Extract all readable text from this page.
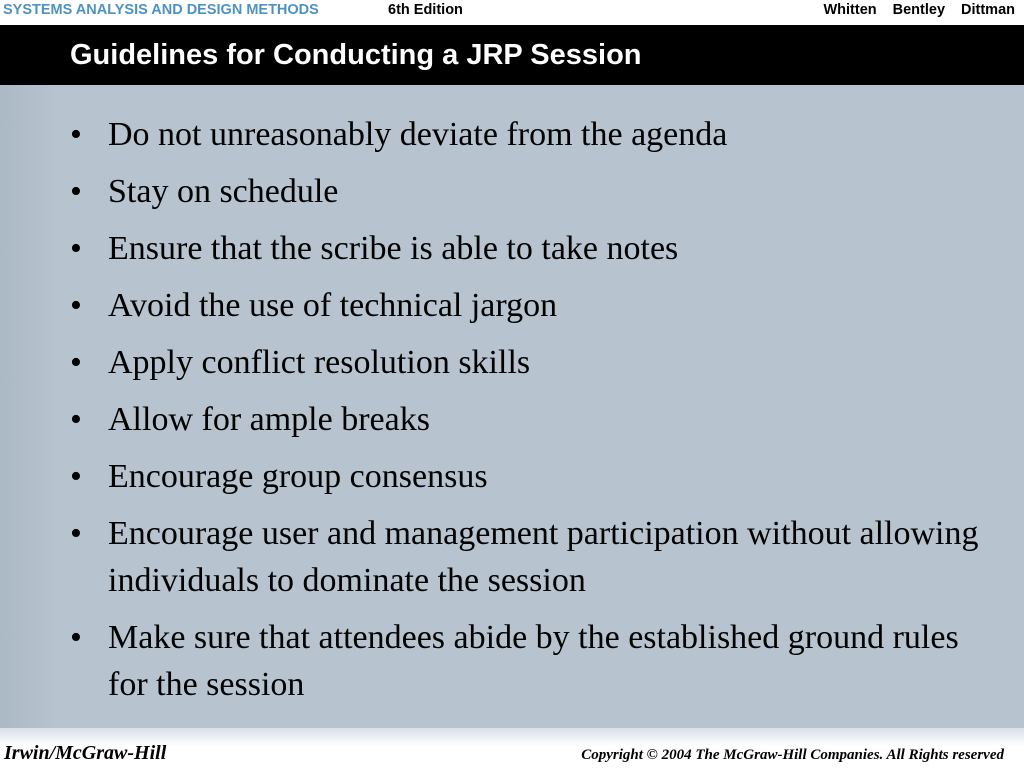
SYSTEMS ANALYSIS AND DESIGN METHODS	6th Edition	Whitten Bentley Dittman
Guidelines for Conducting a JRP Session
• Do not unreasonably deviate from the agenda
• Stay on schedule
• Ensure that the scribe is able to take notes
• Avoid the use of technical jargon
• Apply conflict resolution skills
• Allow for ample breaks
• Encourage group consensus
• Encourage user and management participation without allowing individuals to dominate the session
• Make sure that attendees abide by the established ground rules for the session
Irwin/McGraw-Hill	Copyright © 2004 The McGraw-Hill Companies. All Rights reserved
